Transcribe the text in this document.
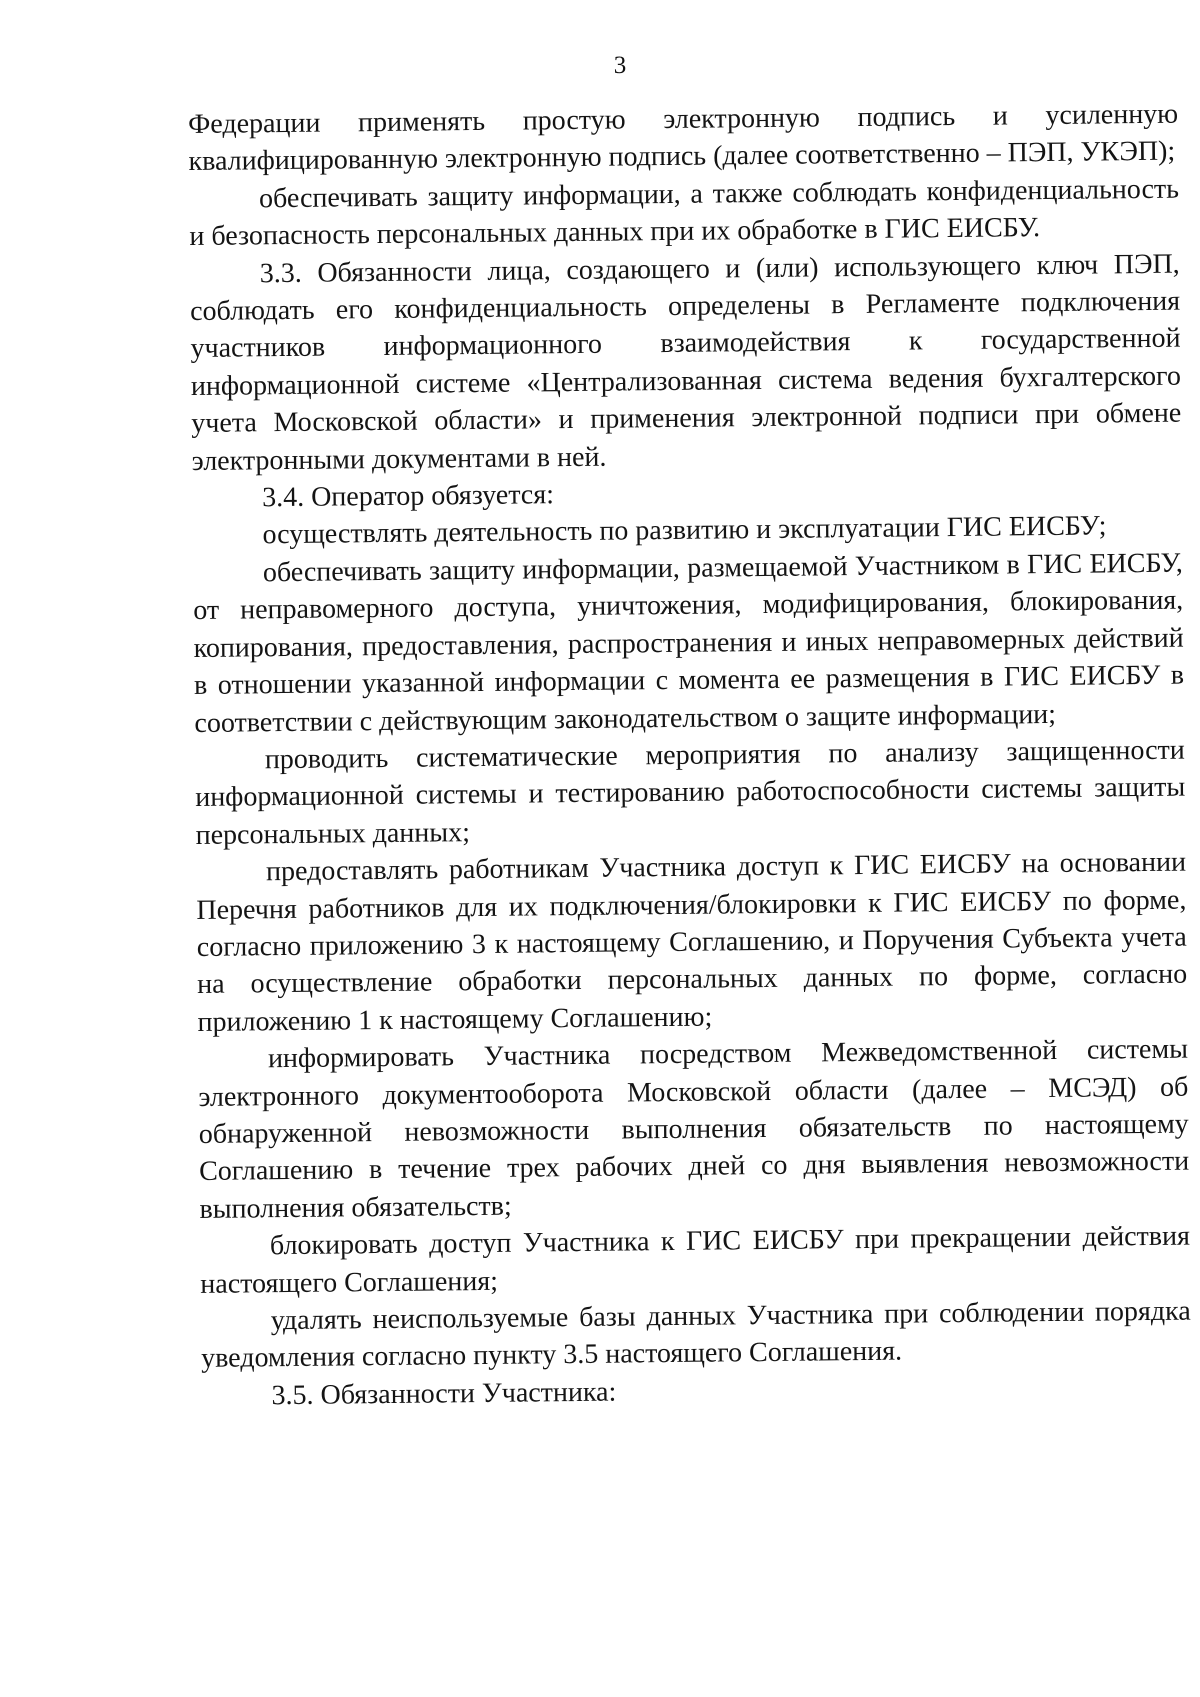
3

Федерации применять простую электронную подпись и усиленную квалифицированную электронную подпись (далее соответственно – ПЭП, УКЭП);

обеспечивать защиту информации, а также соблюдать конфиденциальность и безопасность персональных данных при их обработке в ГИС ЕИСБУ.

3.3. Обязанности лица, создающего и (или) использующего ключ ПЭП, соблюдать его конфиденциальность определены в Регламенте подключения участников информационного взаимодействия к государственной информационной системе «Централизованная система ведения бухгалтерского учета Московской области» и применения электронной подписи при обмене электронными документами в ней.

3.4. Оператор обязуется:

осуществлять деятельность по развитию и эксплуатации ГИС ЕИСБУ;

обеспечивать защиту информации, размещаемой Участником в ГИС ЕИСБУ, от неправомерного доступа, уничтожения, модифицирования, блокирования, копирования, предоставления, распространения и иных неправомерных действий в отношении указанной информации с момента ее размещения в ГИС ЕИСБУ в соответствии с действующим законодательством о защите информации;

проводить систематические мероприятия по анализу защищенности информационной системы и тестированию работоспособности системы защиты персональных данных;

предоставлять работникам Участника доступ к ГИС ЕИСБУ на основании Перечня работников для их подключения/блокировки к ГИС ЕИСБУ по форме, согласно приложению 3 к настоящему Соглашению, и Поручения Субъекта учета на осуществление обработки персональных данных по форме, согласно приложению 1 к настоящему Соглашению;

информировать Участника посредством Межведомственной системы электронного документооборота Московской области (далее – МСЭД) об обнаруженной невозможности выполнения обязательств по настоящему Соглашению в течение трех рабочих дней со дня выявления невозможности выполнения обязательств;

блокировать доступ Участника к ГИС ЕИСБУ при прекращении действия настоящего Соглашения;

удалять неиспользуемые базы данных Участника при соблюдении порядка уведомления согласно пункту 3.5 настоящего Соглашения.

3.5. Обязанности Участника:
